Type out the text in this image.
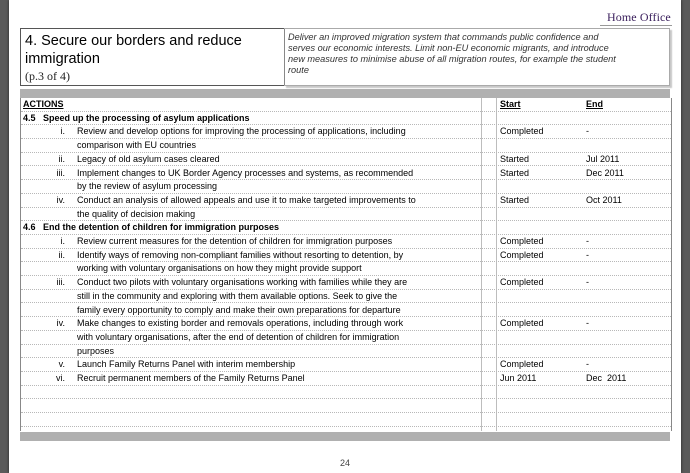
Home Office
4. Secure our borders and reduce
immigration
(p.3 of 4)
Deliver an improved migration system that commands public confidence and
serves our economic interests. Limit non-EU economic migrants, and introduce
new measures to minimise abuse of all migration routes, for example the student
route
ACTIONS	Start	End
4.5 Speed up the processing of asylum applications
i. Review and develop options for improving the processing of applications, including	Completed	-
comparison with EU countries
ii. Legacy of old asylum cases cleared	Started	Jul 2011
iii. Implement changes to UK Border Agency processes and systems, as recommended	Started	Dec 2011
by the review of asylum processing
iv. Conduct an analysis of allowed appeals and use it to make targeted improvements to	Started	Oct 2011
the quality of decision making
4.6 End the detention of children for immigration purposes
i. Review current measures for the detention of children for immigration purposes	Completed	-
ii. Identify ways of removing non-compliant families without resorting to detention, by	Completed	-
working with voluntary organisations on how they might provide support
iii. Conduct two pilots with voluntary organisations working with families while they are	Completed	-
still in the community and exploring with them available options. Seek to give the
family every opportunity to comply and make their own preparations for departure
iv. Make changes to existing border and removals operations, including through work	Completed	-
with voluntary organisations, after the end of detention of children for immigration
purposes
v. Launch Family Returns Panel with interim membership	Completed	-
vi. Recruit permanent members of the Family Returns Panel	Jun 2011	Dec  2011
24
